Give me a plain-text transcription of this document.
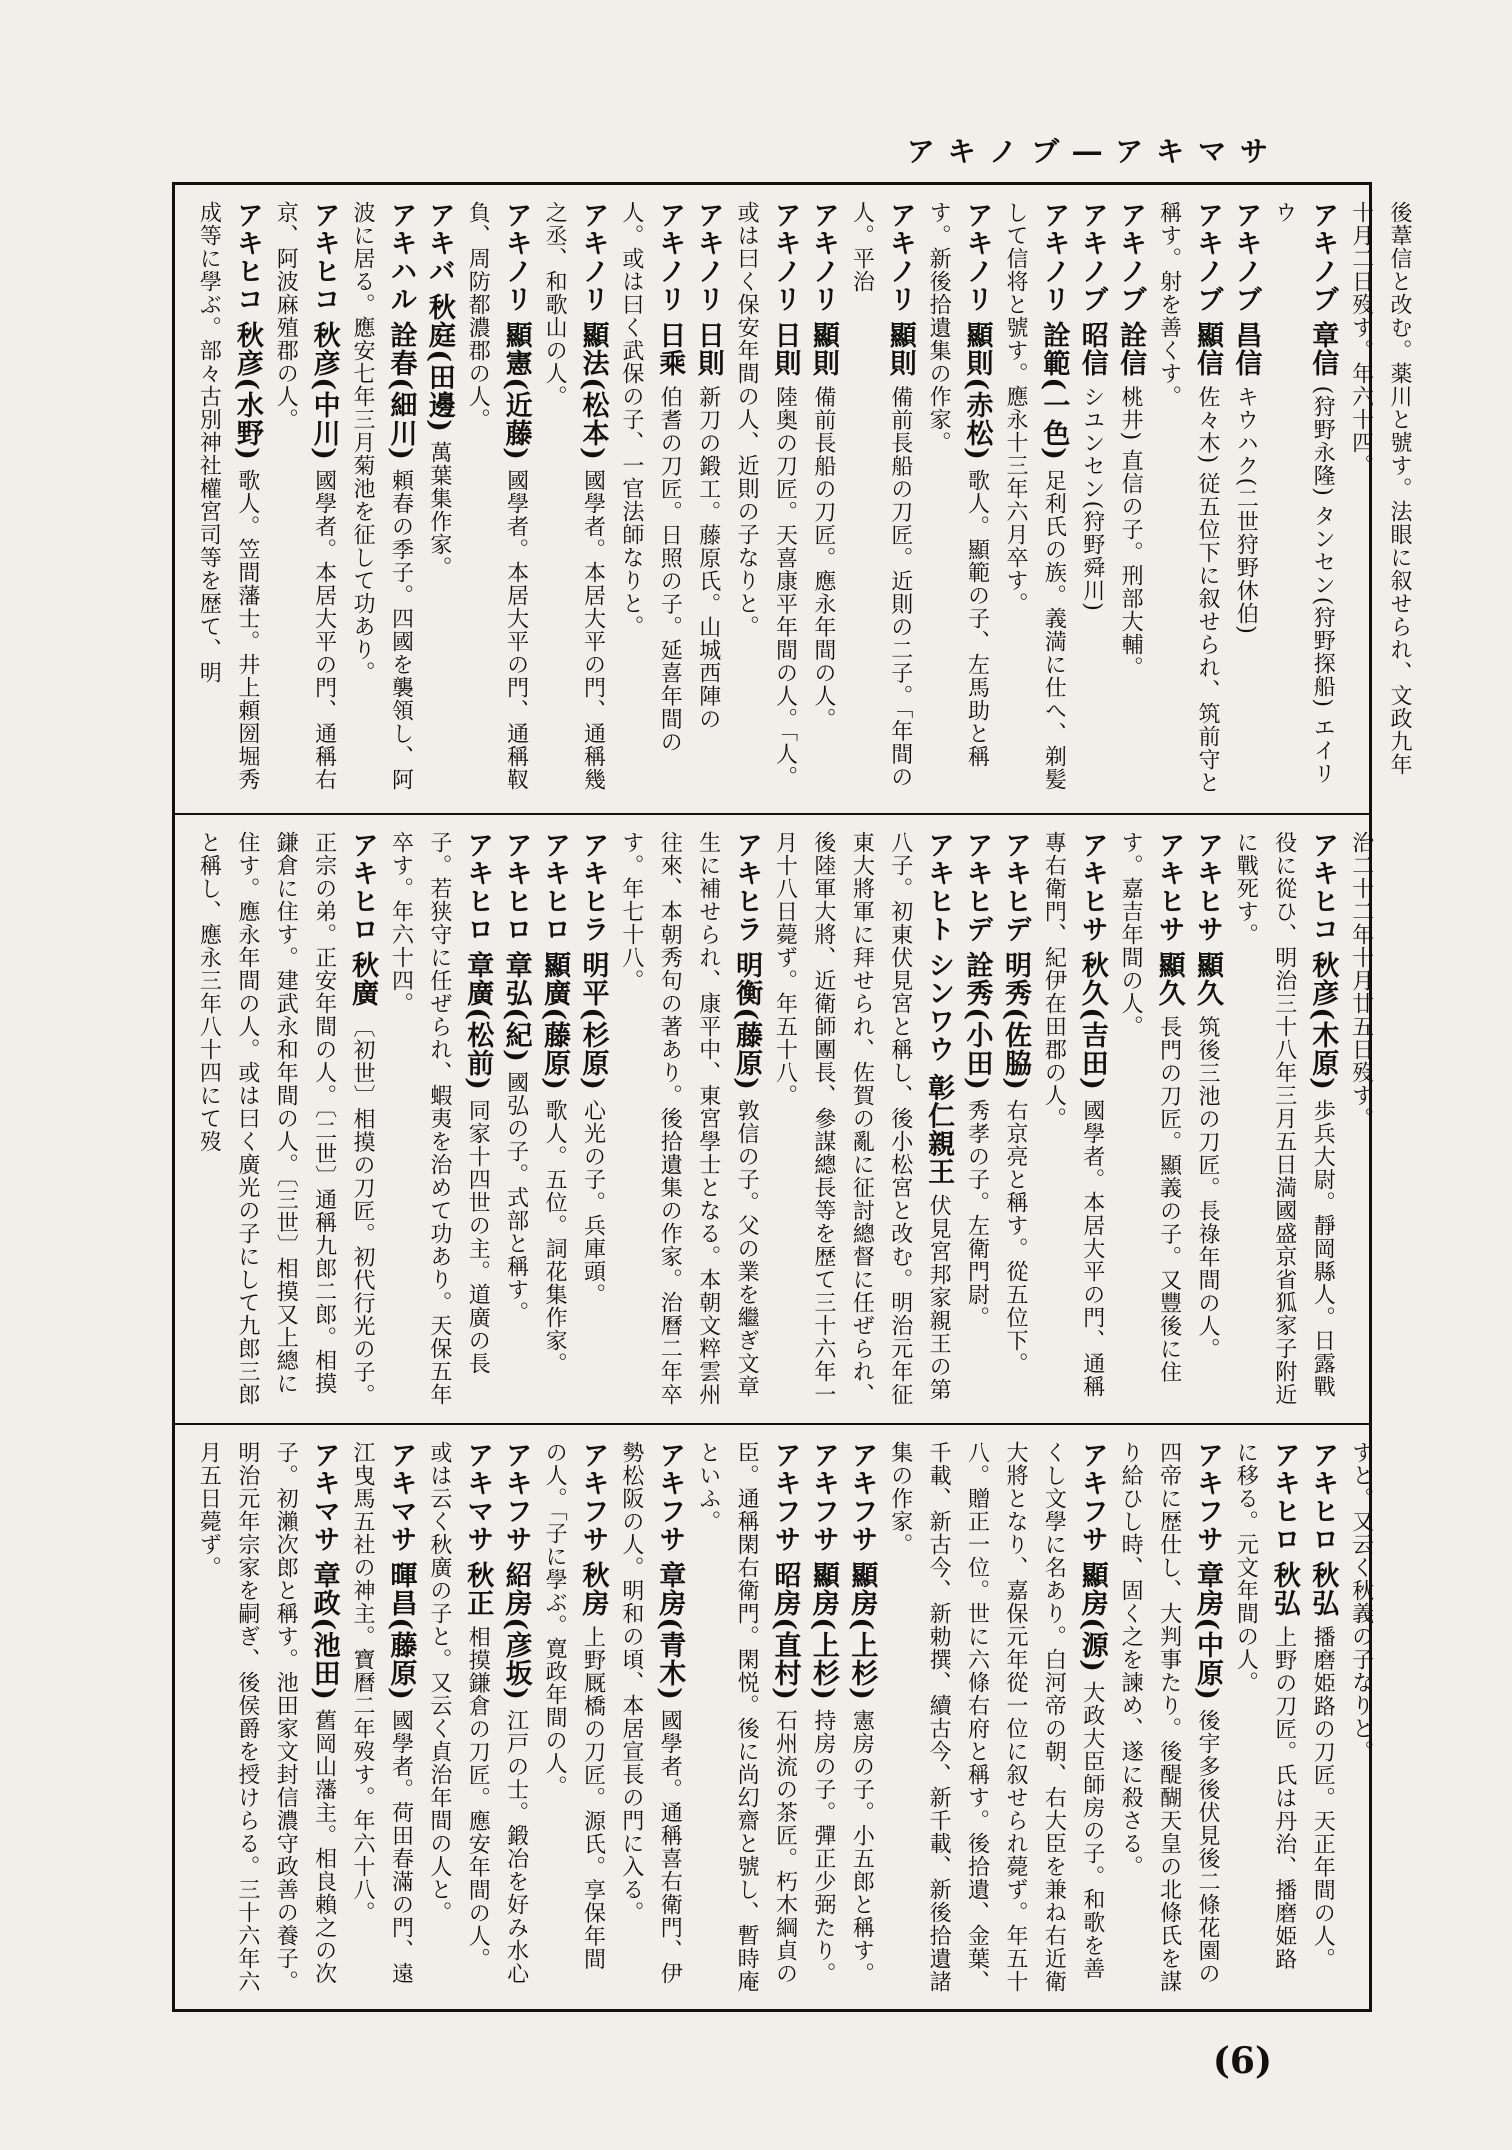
アキノブ―アキマサ

後葦信と改む。薬川と號す。法眼に叙せられ、文政九年十月二日歿す。年六十四。

アキノブ 章信 (狩野永隆) タンセン(狩野探船) エイリウ

アキノブ 昌信 キウハク(二世狩野休伯)

アキノブ 顯信 佐々木) 従五位下に叙せられ、筑前守と稱す。射を善くす。

アキノブ 詮信 桃井) 直信の子。刑部大輔。

アキノブ 昭信 シユンセン(狩野舜川)

アキノリ 詮範(一色) 足利氏の族。義満に仕へ、剃髪して信将と號す。應永十三年六月卒す。

アキノリ 顯則(赤松) 歌人。顯範の子、左馬助と稱す。新後拾遺集の作家。

アキノリ 顯則 備前長船の刀匠。近則の二子。「年間の人。平治

アキノリ 顯則 備前長船の刀匠。應永年間の人。

アキノリ 日則 陸奥の刀匠。天喜康平年間の人。「人。或は曰く保安年間の人、近則の子なりと。

アキノリ 日則 新刀の鍛工。藤原氏。山城西陣の

アキノリ 日乘 伯耆の刀匠。日照の子。延喜年間の人。或は曰く武保の子、一官法師なりと。

アキノリ 顯法(松本) 國學者。本居大平の門、通稱幾之丞、和歌山の人。

アキノリ 顯憲(近藤) 國學者。本居大平の門、通稱靫負、周防都濃郡の人。

アキバ 秋庭(田邊) 萬葉集作家。

アキハル 詮春(細川) 頼春の季子。四國を襲領し、阿波に居る。應安七年三月菊池を征して功あり。

アキヒコ 秋彦(中川) 國學者。本居大平の門、通稱右京、阿波麻殖郡の人。

アキヒコ 秋彦(水野) 歌人。笠間藩士。井上頼圀堀秀成等に學ぶ。部々古別神社權宮司等を歴て、明

治二十二年十月廿五日歿す。

アキヒコ 秋彦(木原) 歩兵大尉。靜岡縣人。日露戰役に從ひ、明治三十八年三月五日満國盛京省狐家子附近に戰死す。

アキヒサ 顯久 筑後三池の刀匠。長祿年間の人。

アキヒサ 顯久 長門の刀匠。顯義の子。又豐後に住す。嘉吉年間の人。

アキヒサ 秋久(吉田) 國學者。本居大平の門、通稱專右衛門、紀伊在田郡の人。

アキヒデ 明秀(佐脇) 右京亮と稱す。從五位下。

アキヒデ 詮秀(小田) 秀孝の子。左衛門尉。

アキヒト シンワウ 彰仁親王 伏見宮邦家親王の第八子。初東伏見宮と稱し、後小松宮と改む。明治元年征東大將軍に拜せられ、佐賀の亂に征討總督に任ぜられ、後陸軍大將、近衛師團長、參謀總長等を歴て三十六年一月十八日薨ず。年五十八。

アキヒラ 明衡(藤原) 敦信の子。父の業を繼ぎ文章生に補せられ、康平中、東宮學士となる。本朝文粹雲州往來、本朝秀句の著あり。後拾遺集の作家。治曆二年卒す。年七十八。

アキヒラ 明平(杉原) 心光の子。兵庫頭。

アキヒロ 顯廣(藤原) 歌人。五位。詞花集作家。

アキヒロ 章弘(紀) 國弘の子。式部と稱す。

アキヒロ 章廣(松前) 同家十四世の主。道廣の長子。若狭守に任ぜられ、蝦夷を治めて功あり。天保五年卒す。年六十四。

アキヒロ 秋廣 〔初世〕相摸の刀匠。初代行光の子。正宗の弟。正安年間の人。〔二世〕通稱九郎二郎。相摸鎌倉に住す。建武永和年間の人。〔三世〕相摸又上總に住す。應永年間の人。或は曰く廣光の子にして九郎三郎と稱し、應永三年八十四にて歿

すと。又云く秋義の子なりと。

アキヒロ 秋弘 播磨姫路の刀匠。天正年間の人。

アキヒロ 秋弘 上野の刀匠。氏は丹治、播磨姫路に移る。元文年間の人。

アキフサ 章房(中原) 後宇多後伏見後二條花園の四帝に歴仕し、大判事たり。後醍醐天皇の北條氏を謀り給ひし時、固く之を諫め、遂に殺さる。

アキフサ 顯房(源) 大政大臣師房の子。和歌を善くし文學に名あり。白河帝の朝、右大臣を兼ね右近衛大將となり、嘉保元年從一位に叙せられ薨ず。年五十八。贈正一位。世に六條右府と稱す。後拾遺、金葉、千載、新古今、新勅撰、續古今、新千載、新後拾遺諸集の作家。

アキフサ 顯房(上杉) 憲房の子。小五郎と稱す。

アキフサ 顯房(上杉) 持房の子。彈正少弼たり。

アキフサ 昭房(直村) 石州流の茶匠。朽木綱貞の臣。通稱閑右衛門。閑悦。後に尚幻齋と號し、暫時庵といふ。

アキフサ 章房(青木) 國學者。通稱喜右衛門、伊勢松阪の人。明和の頃、本居宣長の門に入る。

アキフサ 秋房 上野厩橋の刀匠。源氏。享保年間の人。「子に學ぶ。寛政年間の人。

アキフサ 紹房(彦坂) 江戸の士。鍛冶を好み水心

アキマサ 秋正 相摸鎌倉の刀匠。應安年間の人。或は云く秋廣の子と。又云く貞治年間の人と。

アキマサ 暉昌(藤原) 國學者。荷田春滿の門、遠江曳馬五社の神主。寶曆二年歿す。年六十八。

アキマサ 章政(池田) 舊岡山藩主。相良賴之の次子。初瀨次郎と稱す。池田家文封信濃守政善の養子。明治元年宗家を嗣ぎ、後侯爵を授けらる。三十六年六月五日薨ず。

(6)
